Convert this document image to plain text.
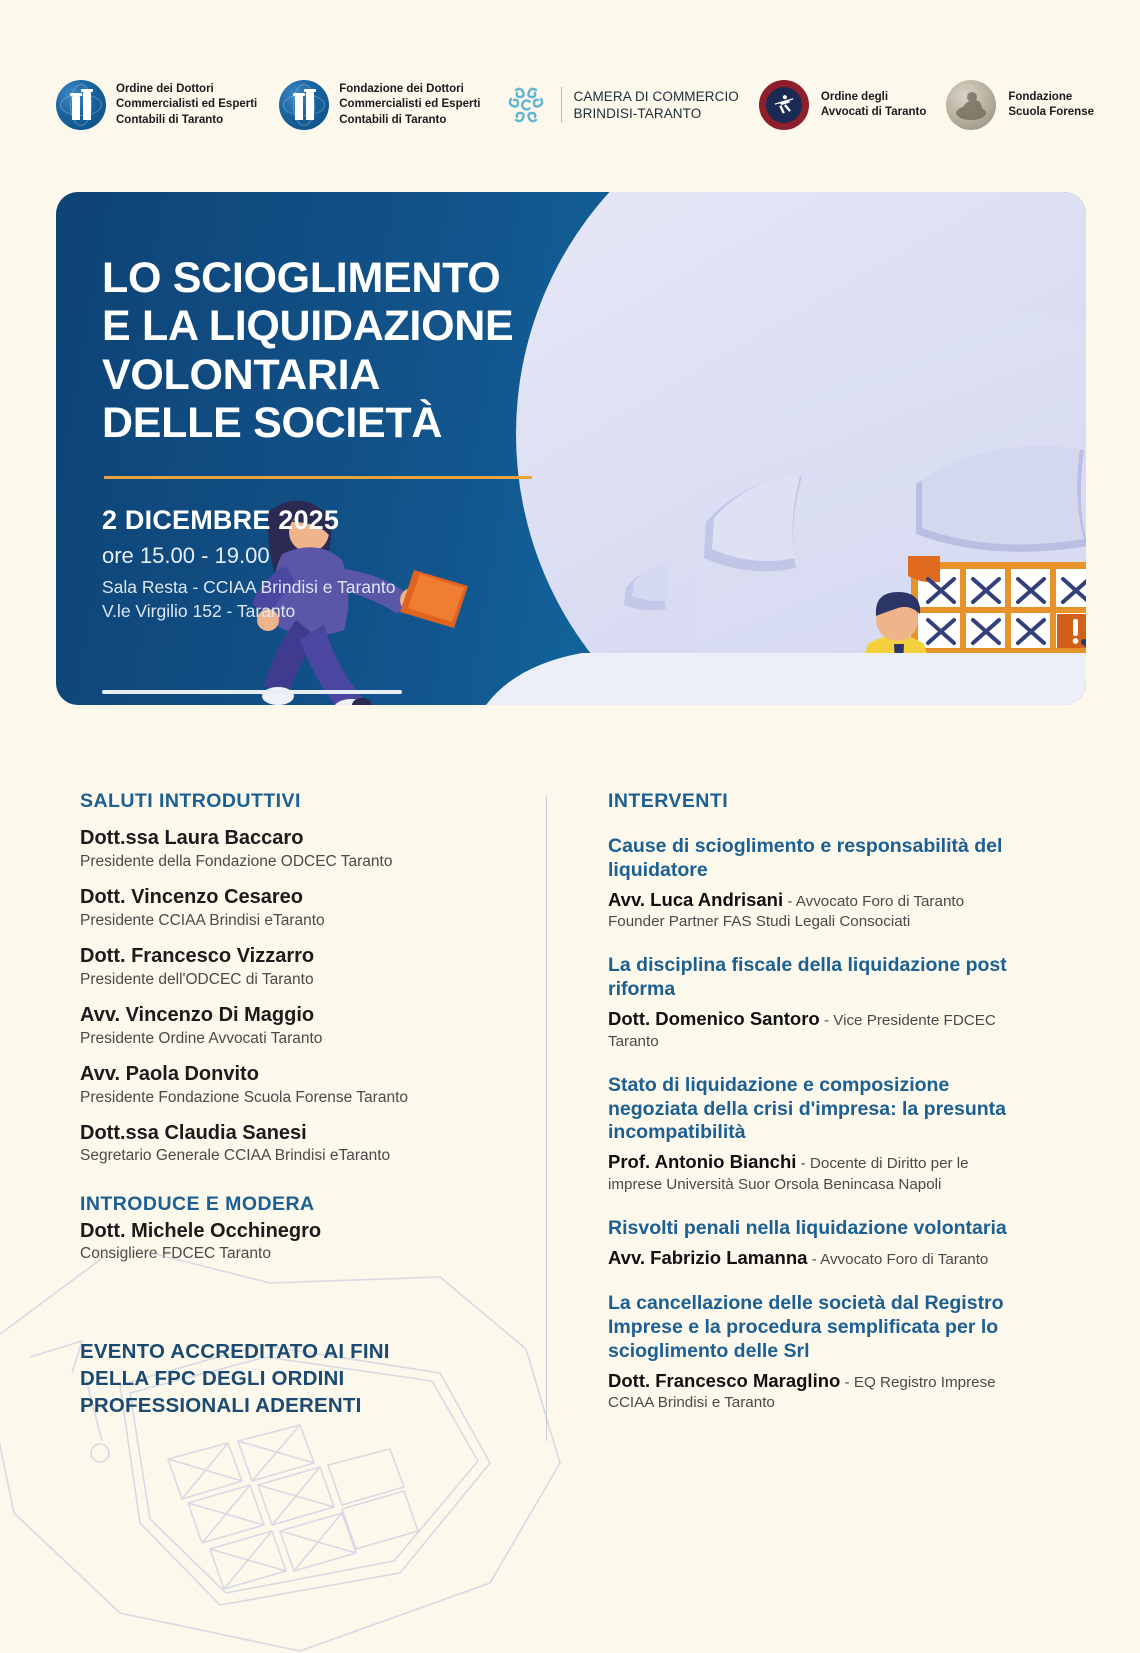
Ordine dei Dottori
Commercialisti ed Esperti
Contabili di Taranto
Fondazione dei Dottori
Commercialisti ed Esperti
Contabili di Taranto
CAMERA DI COMMERCIO
BRINDISI-TARANTO
Ordine degli
Avvocati di Taranto
Fondazione
Scuola Forense
LO SCIOGLIMENTO
E LA LIQUIDAZIONE
VOLONTARIA
DELLE SOCIETÀ
2 DICEMBRE 2025
ore 15.00 - 19.00
Sala Resta - CCIAA Brindisi e Taranto
V.le Virgilio 152 - Taranto
SALUTI INTRODUTTIVI
Dott.ssa Laura Baccaro
Presidente della Fondazione ODCEC Taranto
Dott. Vincenzo Cesareo
Presidente CCIAA Brindisi eTaranto
Dott. Francesco Vizzarro
Presidente dell'ODCEC di Taranto
Avv. Vincenzo Di Maggio
Presidente Ordine Avvocati Taranto
Avv. Paola Donvito
Presidente Fondazione Scuola Forense Taranto
Dott.ssa Claudia Sanesi
Segretario Generale CCIAA Brindisi eTaranto
INTRODUCE E MODERA
Dott. Michele Occhinegro
Consigliere FDCEC Taranto
EVENTO ACCREDITATO AI FINI
DELLA FPC DEGLI ORDINI
PROFESSIONALI ADERENTI
INTERVENTI
Cause di scioglimento e responsabilità del liquidatore
Avv. Luca Andrisani - Avvocato Foro di Taranto Founder Partner FAS Studi Legali Consociati
La disciplina fiscale della liquidazione post riforma
Dott. Domenico Santoro - Vice Presidente FDCEC Taranto
Stato di liquidazione e composizione negoziata della crisi d'impresa: la presunta incompatibilità
Prof. Antonio Bianchi - Docente di Diritto per le imprese Università Suor Orsola Benincasa Napoli
Risvolti penali nella liquidazione volontaria
Avv. Fabrizio Lamanna - Avvocato Foro di Taranto
La cancellazione delle società dal Registro Imprese e la procedura semplificata per lo scioglimento delle Srl
Dott. Francesco Maraglino - EQ Registro Imprese CCIAA Brindisi e Taranto
